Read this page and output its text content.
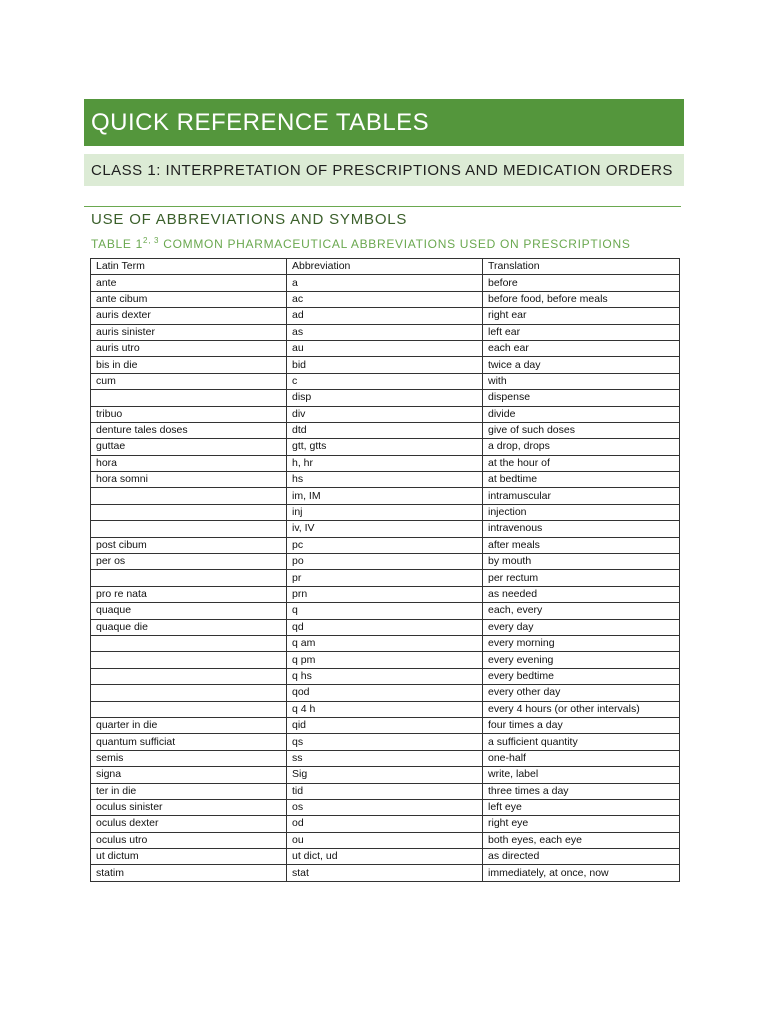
QUICK REFERENCE TABLES
CLASS 1: INTERPRETATION OF PRESCRIPTIONS AND MEDICATION ORDERS
USE OF ABBREVIATIONS AND SYMBOLS
TABLE 1$^{2, 3}$ COMMON PHARMACEUTICAL ABBREVIATIONS USED ON PRESCRIPTIONS
Latin Term	Abbreviation	Translation
ante	a	before
ante cibum	ac	before food, before meals
auris dexter	ad	right ear
auris sinister	as	left ear
auris utro	au	each ear
bis in die	bid	twice a day
cum	c	with
	disp	dispense
tribuo	div	divide
denture tales doses	dtd	give of such doses
guttae	gtt, gtts	a drop, drops
hora	h, hr	at the hour of
hora somni	hs	at bedtime
	im, IM	intramuscular
	inj	injection
	iv, IV	intravenous
post cibum	pc	after meals
per os	po	by mouth
	pr	per rectum
pro re nata	prn	as needed
quaque	q	each, every
quaque die	qd	every day
	q am	every morning
	q pm	every evening
	q hs	every bedtime
	qod	every other day
	q 4 h	every 4 hours (or other intervals)
quarter in die	qid	four times a day
quantum sufficiat	qs	a sufficient quantity
semis	ss	one-half
signa	Sig	write, label
ter in die	tid	three times a day
oculus sinister	os	left eye
oculus dexter	od	right eye
oculus utro	ou	both eyes, each eye
ut dictum	ut dict, ud	as directed
statim	stat	immediately, at once, now
